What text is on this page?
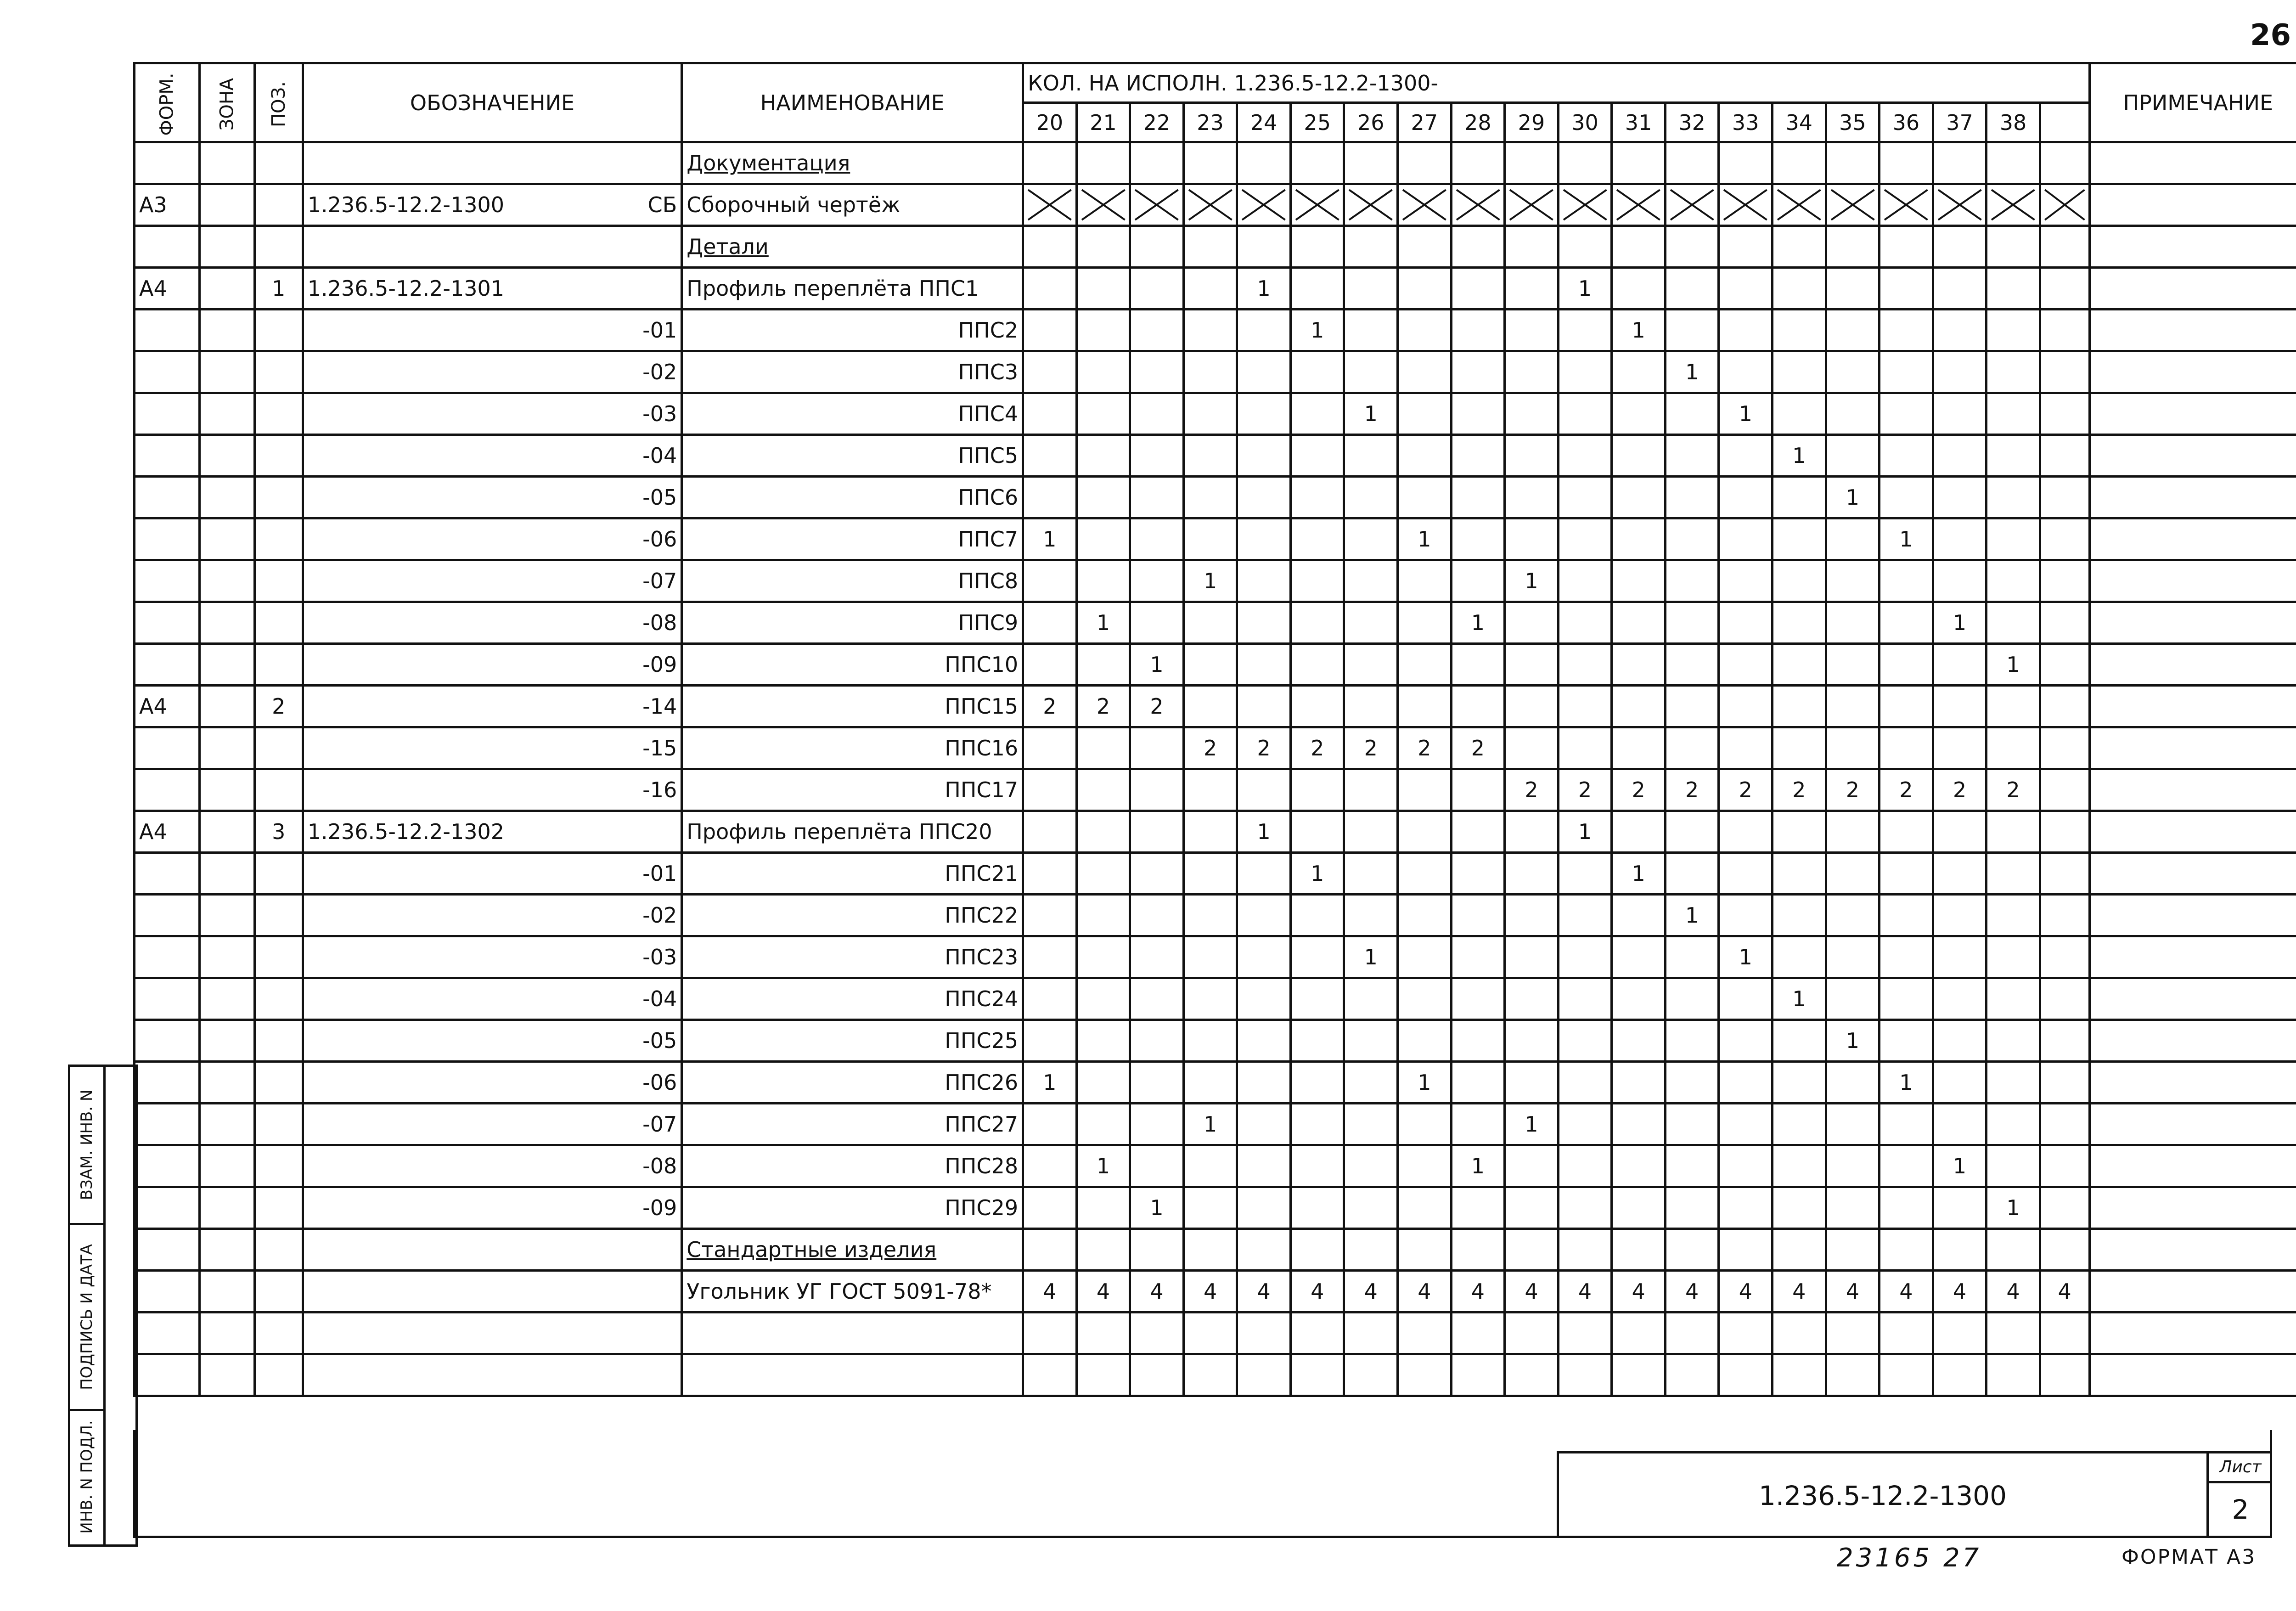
26
ФОРМ.	ЗОНА	ПОЗ.	ОБОЗНАЧЕНИЕ	НАИМЕНОВАНИЕ	КОЛ. НА ИСПОЛН. 1.236.5-12.2-1300-																				ПРИМЕЧАНИЕ
					20	21	22	23	24	25	26	27	28	29	30	31	32	33	34	35	36	37	38		
				Документация																					
А3			1.236.5-12.2-1300 СБ	Сборочный чертёж	

				Детали																					
А4		1	1.236.5-12.2-1301	Профиль переплёта ППС1					1						1										
			-01	ППС2						1						1									
			-02	ППС3													1								
			-03	ППС4							1							1							
			-04	ППС5															1						
			-05	ППС6																1					
			-06	ППС7	1							1									1				
			-07	ППС8				1						1											
			-08	ППС9		1							1									1			
			-09	ППС10			1																1		
А4		2	-14	ППС15	2	2	2																		
			-15	ППС16				2	2	2	2	2	2												
			-16	ППС17										2	2	2	2	2	2	2	2	2	2		
А4		3	1.236.5-12.2-1302	Профиль переплёта ППС20					1						1										
			-01	ППС21						1						1									
			-02	ППС22													1								
			-03	ППС23							1							1							
			-04	ППС24															1						
			-05	ППС25																1					
			-06	ППС26	1							1									1				
			-07	ППС27				1						1											
			-08	ППС28		1							1									1			
			-09	ППС29			1																1		
				Стандартные изделия																					
				Угольник УГ ГОСТ 5091-78*	4	4	4	4	4	4	4	4	4	4	4	4	4	4	4	4	4	4	4	4	

ВЗАМ. ИНВ. N
ПОДПИСЬ И ДАТА
ИНВ. N ПОДЛ.	1.236.5-12.2-1300
Лист
2
23165 27	ФОРМАТ А3
